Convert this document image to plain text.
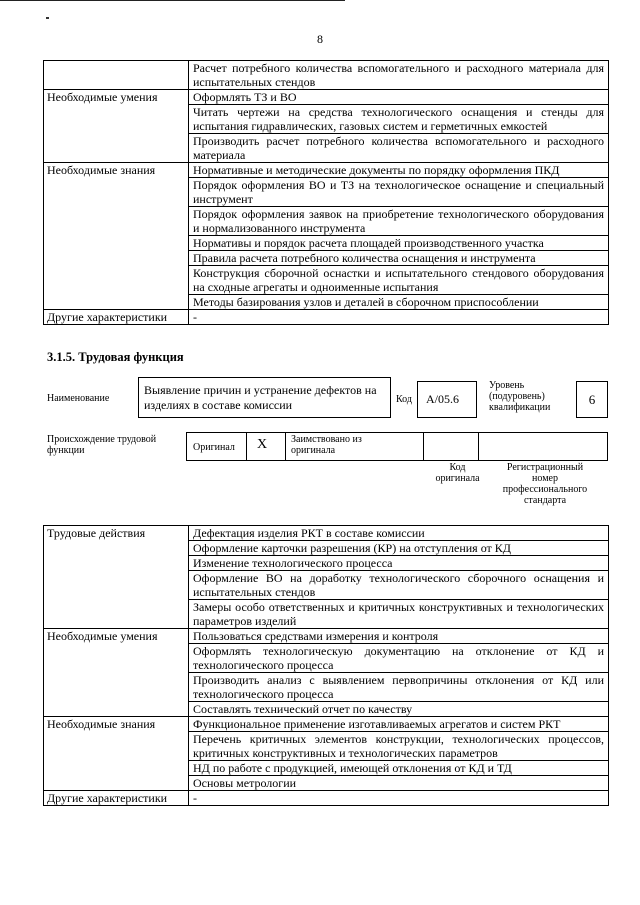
8
	Расчет потребного количества вспомогательного и расходного материала для испытательных стендов
Необходимые умения	Оформлять ТЗ и ВО
	Читать чертежи на средства технологического оснащения и стенды для испытания гидравлических, газовых систем и герметичных емкостей
	Производить расчет потребного количества вспомогательного и расходного материала
Необходимые знания	Нормативные и методические документы по порядку оформления ПКД
	Порядок оформления ВО и ТЗ на технологическое оснащение и специальный инструмент
	Порядок оформления заявок на приобретение технологического оборудования и нормализованного инструмента
	Нормативы и порядок расчета площадей производственного участка
	Правила расчета потребного количества оснащения и инструмента
	Конструкция сборочной оснастки и испытательного стендового оборудования на сходные агрегаты и одноименные испытания
	Методы базирования узлов и деталей в сборочном приспособлении
Другие характеристики	-
3.1.5. Трудовая функция
Наименование
Выявление причин и устранение дефектов на изделиях в составе комиссии	Код A/05.6
Уровень (подуровень) квалификации
6
Происхождение трудовой функции	Оригинал X Заимствовано из оригинала
Код оригинала
Регистрационный номер профессионального стандарта
Трудовые действия	Дефектация изделия РКТ в составе комиссии
	Оформление карточки разрешения (КР) на отступления от КД
	Изменение технологического процесса
	Оформление ВО на доработку технологического сборочного оснащения и испытательных стендов
	Замеры особо ответственных и критичных конструктивных и технологических параметров изделий
Необходимые умения	Пользоваться средствами измерения и контроля
	Оформлять технологическую документацию на отклонение от КД и технологического процесса
	Производить анализ с выявлением первопричины отклонения от КД или технологического процесса
	Составлять технический отчет по качеству
Необходимые знания	Функциональное применение изготавливаемых агрегатов и систем РКТ
	Перечень критичных элементов конструкции, технологических процессов, критичных конструктивных и технологических параметров
	НД по работе с продукцией, имеющей отклонения от КД и ТД
	Основы метрологии
Другие характеристики	-
